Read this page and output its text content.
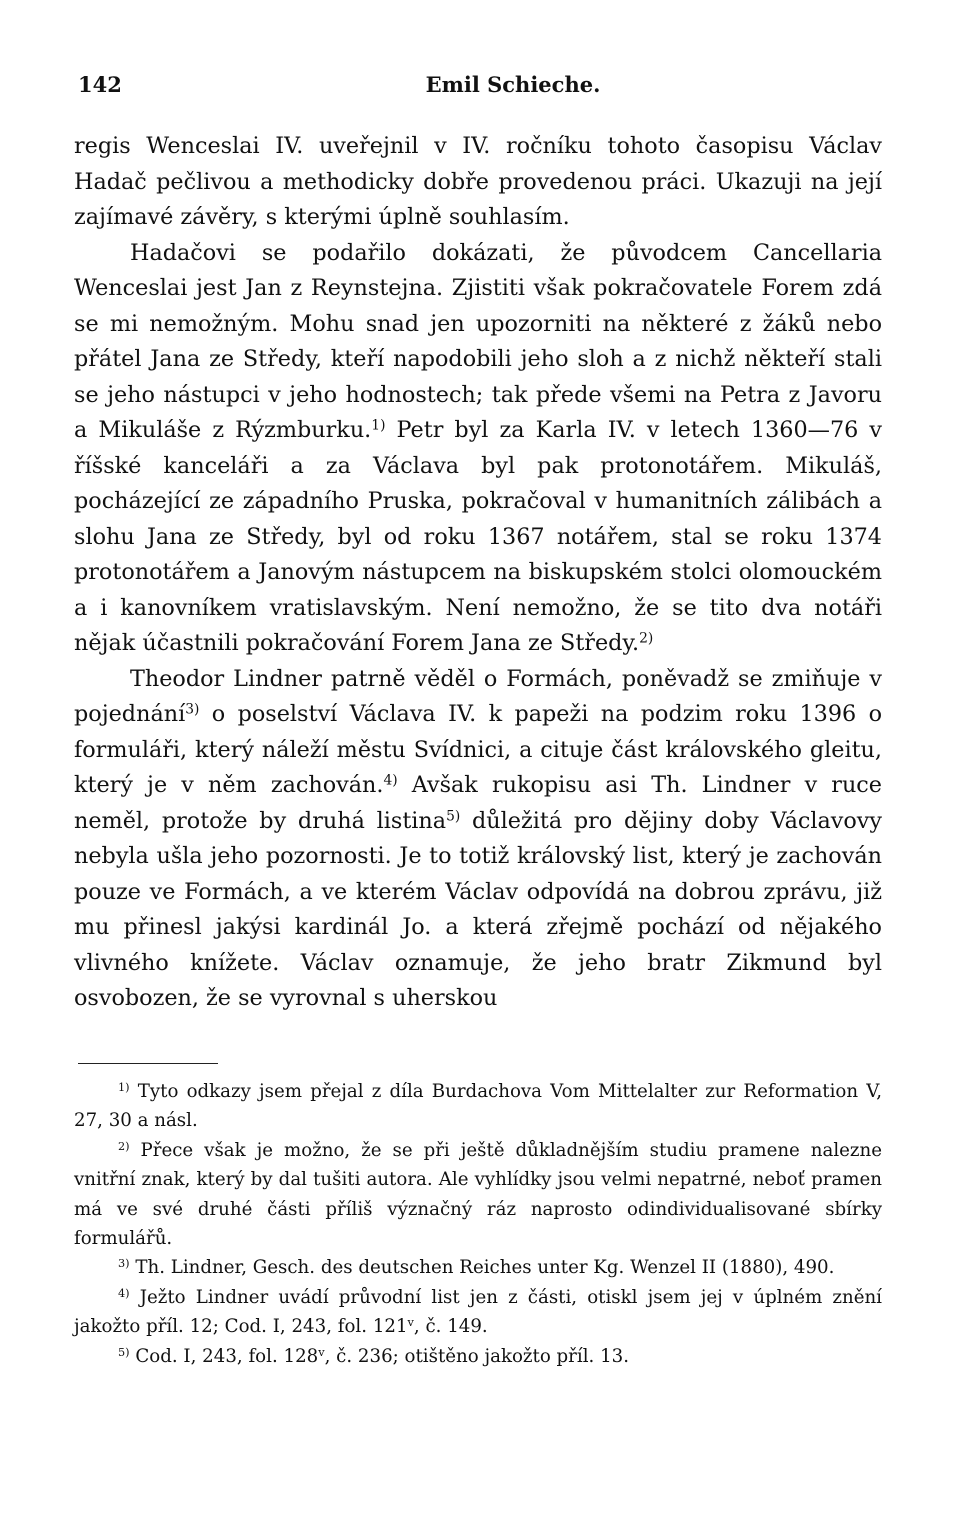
142	Emil Schieche.

regis Wenceslai IV. uveřejnil v IV. ročníku tohoto časopisu Václav Hadač pečlivou a methodicky dobře provedenou práci. Ukazuji na její zajímavé závěry, s kterými úplně souhlasím.

Hadačovi se podařilo dokázati, že původcem Cancellaria Wenceslai jest Jan z Reynstejna. Zjistiti však pokračovatele Forem zdá se mi nemožným. Mohu snad jen upozorniti na některé z žáků nebo přátel Jana ze Středy, kteří napodobili jeho sloh a z nichž někteří stali se jeho nástupci v jeho hodnostech; tak přede všemi na Petra z Javoru a Mikuláše z Rýzmburku.$^{1)}$ Petr byl za Karla IV. v letech 1360—76 v říšské kanceláři a za Václava byl pak protonotářem. Mikuláš, pocházející ze západního Pruska, pokračoval v humanitních zálibách a slohu Jana ze Středy, byl od roku 1367 notářem, stal se roku 1374 protonotářem a Janovým nástupcem na biskupském stolci olomouckém a i kanovníkem vratislavským. Není nemožno, že se tito dva notáři nějak účastnili pokračování Forem Jana ze Středy.$^{2)}$

Theodor Lindner patrně věděl o Formách, poněvadž se zmiňuje v pojednání$^{3)}$ o poselství Václava IV. k papeži na podzim roku 1396 o formuláři, který náleží městu Svídnici, a cituje část královského gleitu, který je v něm zachován.$^{4)}$ Avšak rukopisu asi Th. Lindner v ruce neměl, protože by druhá listina$^{5)}$ důležitá pro dějiny doby Václavovy nebyla ušla jeho pozornosti. Je to totiž královský list, který je zachován pouze ve Formách, a ve kterém Václav odpovídá na dobrou zprávu, již mu přinesl jakýsi kardinál Jo. a která zřejmě pochází od nějakého vlivného knížete. Václav oznamuje, že jeho bratr Zikmund byl osvobozen, že se vyrovnal s uherskou

$^{1)}$ Tyto odkazy jsem přejal z díla Burdachova Vom Mittelalter zur Reformation V, 27, 30 a násl.

$^{2)}$ Přece však je možno, že se při ještě důkladnějším studiu pramene nalezne vnitřní znak, který by dal tušiti autora. Ale vyhlídky jsou velmi nepatrné, neboť pramen má ve své druhé části příliš význačný ráz naprosto odindividualisované sbírky formulářů.

$^{3)}$ Th. Lindner, Gesch. des deutschen Reiches unter Kg. Wenzel II (1880), 490.

$^{4)}$ Ježto Lindner uvádí průvodní list jen z části, otiskl jsem jej v úplném znění jakožto příl. 12; Cod. I, 243, fol. 121$^v$, č. 149.

$^{5)}$ Cod. I, 243, fol. 128$^v$, č. 236; otištěno jakožto příl. 13.
